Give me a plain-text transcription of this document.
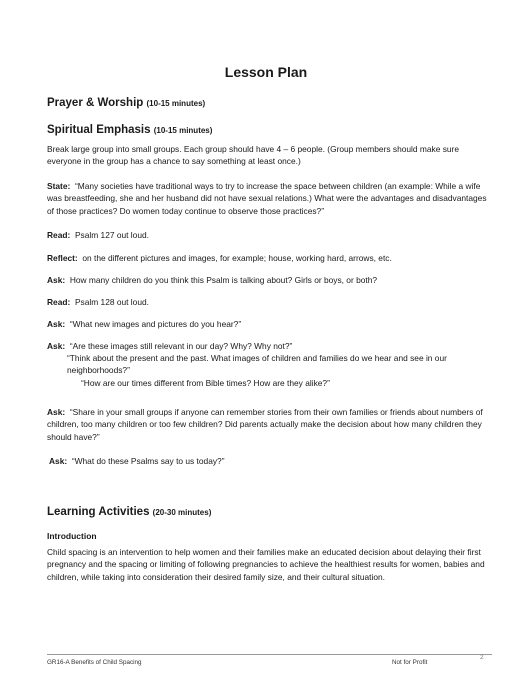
Lesson Plan
Prayer & Worship (10-15 minutes)
Spiritual Emphasis (10-15 minutes)
Break large group into small groups. Each group should have 4 – 6 people. (Group members should make sure everyone in the group has a chance to say something at least once.)
State: “Many societies have traditional ways to try to increase the space between children (an example: While a wife was breastfeeding, she and her husband did not have sexual relations.) What were the advantages and disadvantages of those practices? Do women today continue to observe those practices?”
Read: Psalm 127 out loud.
Reflect: on the different pictures and images, for example; house, working hard, arrows, etc.
Ask: How many children do you think this Psalm is talking about? Girls or boys, or both?
Read: Psalm 128 out loud.
Ask: “What new images and pictures do you hear?”
Ask: “Are these images still relevant in our day? Why? Why not?”
“Think about the present and the past. What images of children and families do we hear and see in our neighborhoods?”
“How are our times different from Bible times? How are they alike?”
Ask: “Share in your small groups if anyone can remember stories from their own families or friends about numbers of children, too many children or too few children? Did parents actually make the decision about how many children they should have?”
Ask: “What do these Psalms say to us today?”
Learning Activities (20-30 minutes)
Introduction
Child spacing is an intervention to help women and their families make an educated decision about delaying their first pregnancy and the spacing or limiting of following pregnancies to achieve the healthiest results for women, babies and children, while taking into consideration their desired family size, and their cultural situation.
GR16-A Benefits of Child Spacing	Not for Profit
2
